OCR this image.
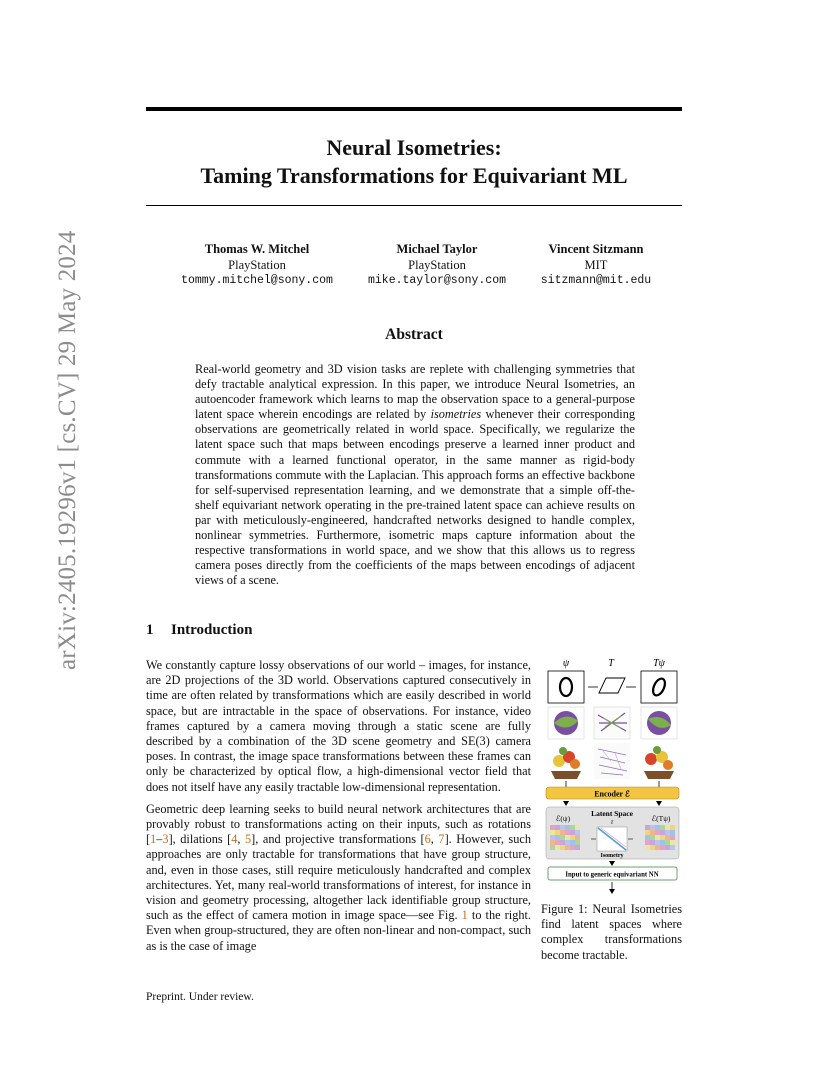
arXiv:2405.19296v1 [cs.CV] 29 May 2024
Neural Isometries:
Taming Transformations for Equivariant ML
Thomas W. Mitchel
PlayStation
tommy.mitchel@sony.com
Michael Taylor
PlayStation
mike.taylor@sony.com
Vincent Sitzmann
MIT
sitzmann@mit.edu
Abstract
Real-world geometry and 3D vision tasks are replete with challenging symmetries that defy tractable analytical expression. In this paper, we introduce Neural Isometries, an autoencoder framework which learns to map the observation space to a general-purpose latent space wherein encodings are related by isometries whenever their corresponding observations are geometrically related in world space. Specifically, we regularize the latent space such that maps between encodings preserve a learned inner product and commute with a learned functional operator, in the same manner as rigid-body transformations commute with the Laplacian. This approach forms an effective backbone for self-supervised representation learning, and we demonstrate that a simple off-the-shelf equivariant network operating in the pre-trained latent space can achieve results on par with meticulously-engineered, handcrafted networks designed to handle complex, nonlinear symmetries. Furthermore, isometric maps capture information about the respective transformations in world space, and we show that this allows us to regress camera poses directly from the coefficients of the maps between encodings of adjacent views of a scene.
1 Introduction

We constantly capture lossy observations of our world – images, for instance, are 2D projections of the 3D world. Observations captured consecutively in time are often related by transformations which are easily described in world space, but are intractable in the space of observations. For instance, video frames captured by a camera moving through a static scene are fully described by a combination of the 3D scene geometry and SE(3) camera poses. In contrast, the image space transformations between these frames can only be characterized by optical flow, a high-dimensional vector field that does not itself have any easily tractable low-dimensional representation.

Geometric deep learning seeks to build neural network architectures that are provably robust to transformations acting on their inputs, such as rotations [1–3], dilations [4, 5], and projective transformations [6, 7]. However, such approaches are only tractable for transformations that have group structure, and, even in those cases, still require meticulously handcrafted and complex architectures. Yet, many real-world transformations of interest, for instance in vision and geometry processing, altogether lack identifiable group structure, such as the effect of camera motion in image space—see Fig. 1 to the right. Even when group-structured, they are often non-linear and non-compact, such as is the case of image

ψ	T	Tψ
Encoder ℰ
Latent Space
τ
ℰ(ψ)	ℰ(Tψ)
Isometry
Input to generic equivariant NN
Figure 1: Neural Isometries find latent spaces where complex transformations become tractable.
Preprint. Under review.
